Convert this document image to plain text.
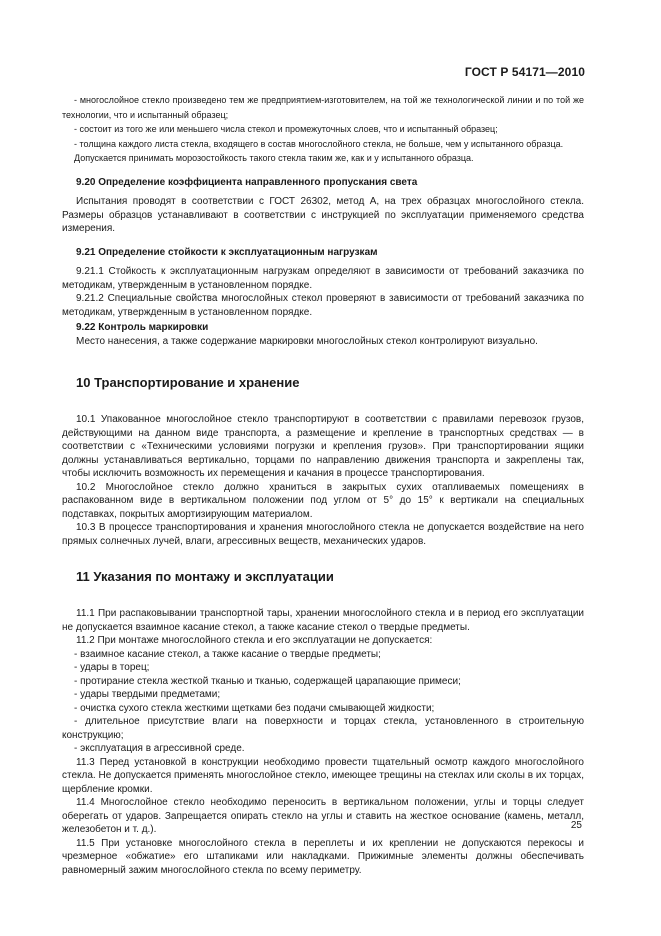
ГОСТ Р 54171—2010

- многослойное стекло произведено тем же предприятием-изготовителем, на той же технологической линии и по той же технологии, что и испытанный образец;

- состоит из того же или меньшего числа стекол и промежуточных слоев, что и испытанный образец;

- толщина каждого листа стекла, входящего в состав многослойного стекла, не больше, чем у испытанного образца.

Допускается принимать морозостойкость такого стекла таким же, как и у испытанного образца.

9.20 Определение коэффициента направленного пропускания света

Испытания проводят в соответствии с ГОСТ 26302, метод А, на трех образцах многослойного стекла. Размеры образцов устанавливают в соответствии с инструкцией по эксплуатации применяемого средства измерения.

9.21 Определение стойкости к эксплуатационным нагрузкам

9.21.1 Стойкость к эксплуатационным нагрузкам определяют в зависимости от требований заказчика по методикам, утвержденным в установленном порядке.

9.21.2 Специальные свойства многослойных стекол проверяют в зависимости от требований заказчика по методикам, утвержденным в установленном порядке.

9.22 Контроль маркировки

Место нанесения, а также содержание маркировки многослойных стекол контролируют визуально.

10 Транспортирование и хранение

10.1 Упакованное многослойное стекло транспортируют в соответствии с правилами перевозок грузов, действующими на данном виде транспорта, а размещение и крепление в транспортных средствах — в соответствии с «Техническими условиями погрузки и крепления грузов». При транспортировании ящики должны устанавливаться вертикально, торцами по направлению движения транспорта и закреплены так, чтобы исключить возможность их перемещения и качания в процессе транспортирования.

10.2 Многослойное стекло должно храниться в закрытых сухих отапливаемых помещениях в распакованном виде в вертикальном положении под углом от 5° до 15° к вертикали на специальных подставках, покрытых амортизирующим материалом.

10.3 В процессе транспортирования и хранения многослойного стекла не допускается воздействие на него прямых солнечных лучей, влаги, агрессивных веществ, механических ударов.

11 Указания по монтажу и эксплуатации

11.1 При распаковывании транспортной тары, хранении многослойного стекла и в период его эксплуатации не допускается взаимное касание стекол, а также касание стекол о твердые предметы.

11.2 При монтаже многослойного стекла и его эксплуатации не допускается:

- взаимное касание стекол, а также касание о твердые предметы;

- удары в торец;

- протирание стекла жесткой тканью и тканью, содержащей царапающие примеси;

- удары твердыми предметами;

- очистка сухого стекла жесткими щетками без подачи смывающей жидкости;

- длительное присутствие влаги на поверхности и торцах стекла, установленного в строительную конструкцию;

- эксплуатация в агрессивной среде.

11.3 Перед установкой в конструкции необходимо провести тщательный осмотр каждого многослойного стекла. Не допускается применять многослойное стекло, имеющее трещины на стеклах или сколы в их торцах, щербление кромки.

11.4 Многослойное стекло необходимо переносить в вертикальном положении, углы и торцы следует оберегать от ударов. Запрещается опирать стекло на углы и ставить на жесткое основание (камень, металл, железобетон и т. д.).

11.5 При установке многослойного стекла в переплеты и их креплении не допускаются перекосы и чрезмерное «обжатие» его штапиками или накладками. Прижимные элементы должны обеспечивать равномерный зажим многослойного стекла по всему периметру.

25
